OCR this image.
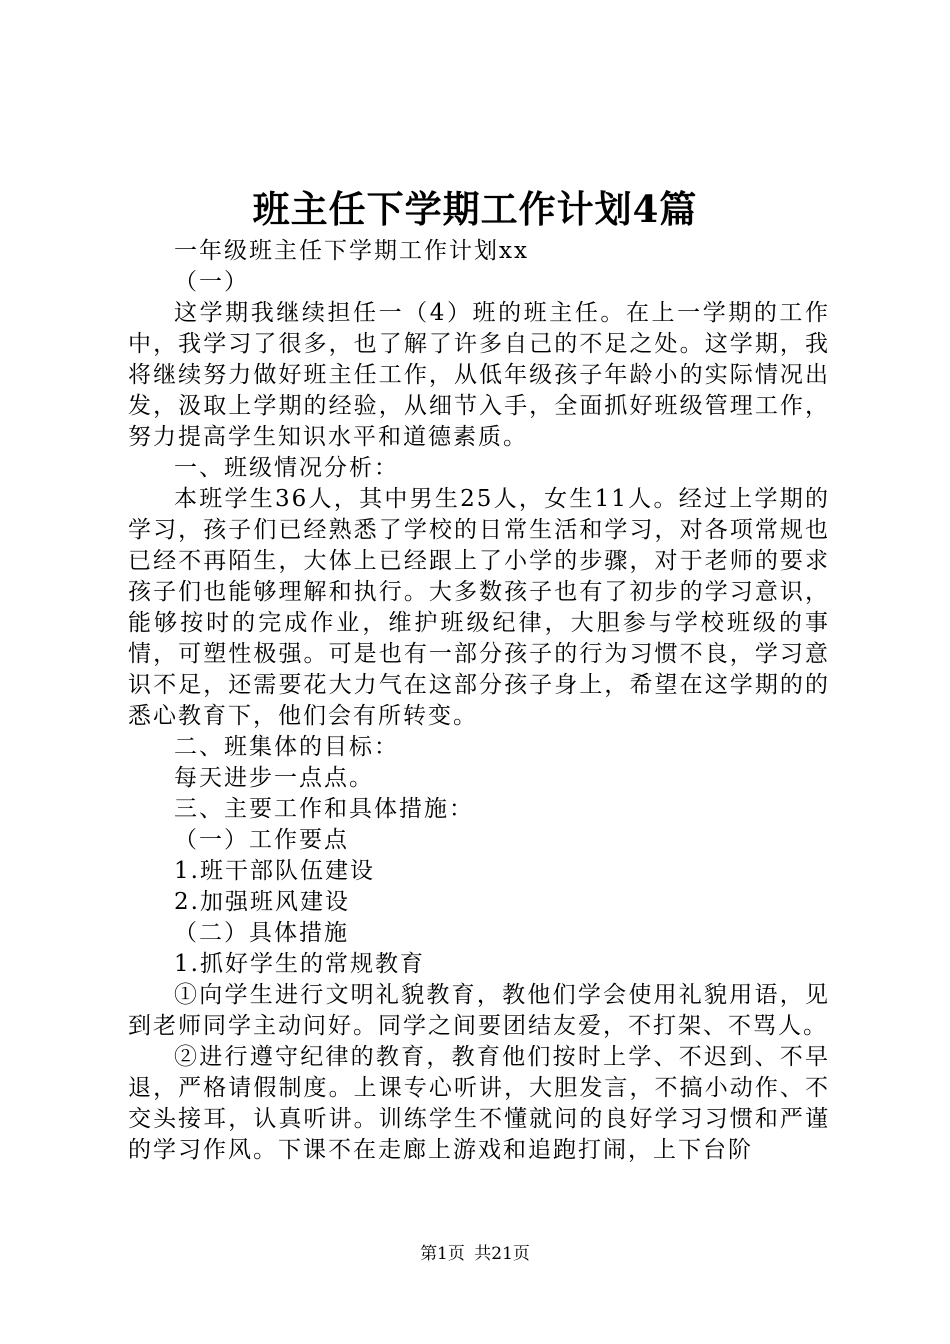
班主任下学期工作计划4篇

一年级班主任下学期工作计划xx

（一）

这学期我继续担任一（4）班的班主任。在上一学期的工作中，我学习了很多，也了解了许多自己的不足之处。这学期，我将继续努力做好班主任工作，从低年级孩子年龄小的实际情况出发，汲取上学期的经验，从细节入手，全面抓好班级管理工作，努力提高学生知识水平和道德素质。

一、班级情况分析：

本班学生36人，其中男生25人，女生11人。经过上学期的学习，孩子们已经熟悉了学校的日常生活和学习，对各项常规也已经不再陌生，大体上已经跟上了小学的步骤，对于老师的要求孩子们也能够理解和执行。大多数孩子也有了初步的学习意识，能够按时的完成作业，维护班级纪律，大胆参与学校班级的事情，可塑性极强。可是也有一部分孩子的行为习惯不良，学习意识不足，还需要花大力气在这部分孩子身上，希望在这学期的的悉心教育下，他们会有所转变。

二、班集体的目标：

每天进步一点点。

三、主要工作和具体措施：

（一）工作要点

1.班干部队伍建设

2.加强班风建设

（二）具体措施

1.抓好学生的常规教育

①向学生进行文明礼貌教育，教他们学会使用礼貌用语，见到老师同学主动问好。同学之间要团结友爱，不打架、不骂人。

②进行遵守纪律的教育，教育他们按时上学、不迟到、不早退，严格请假制度。上课专心听讲，大胆发言，不搞小动作、不交头接耳，认真听讲。训练学生不懂就问的良好学习习惯和严谨的学习作风。下课不在走廊上游戏和追跑打闹，上下台阶

第1页 共21页
